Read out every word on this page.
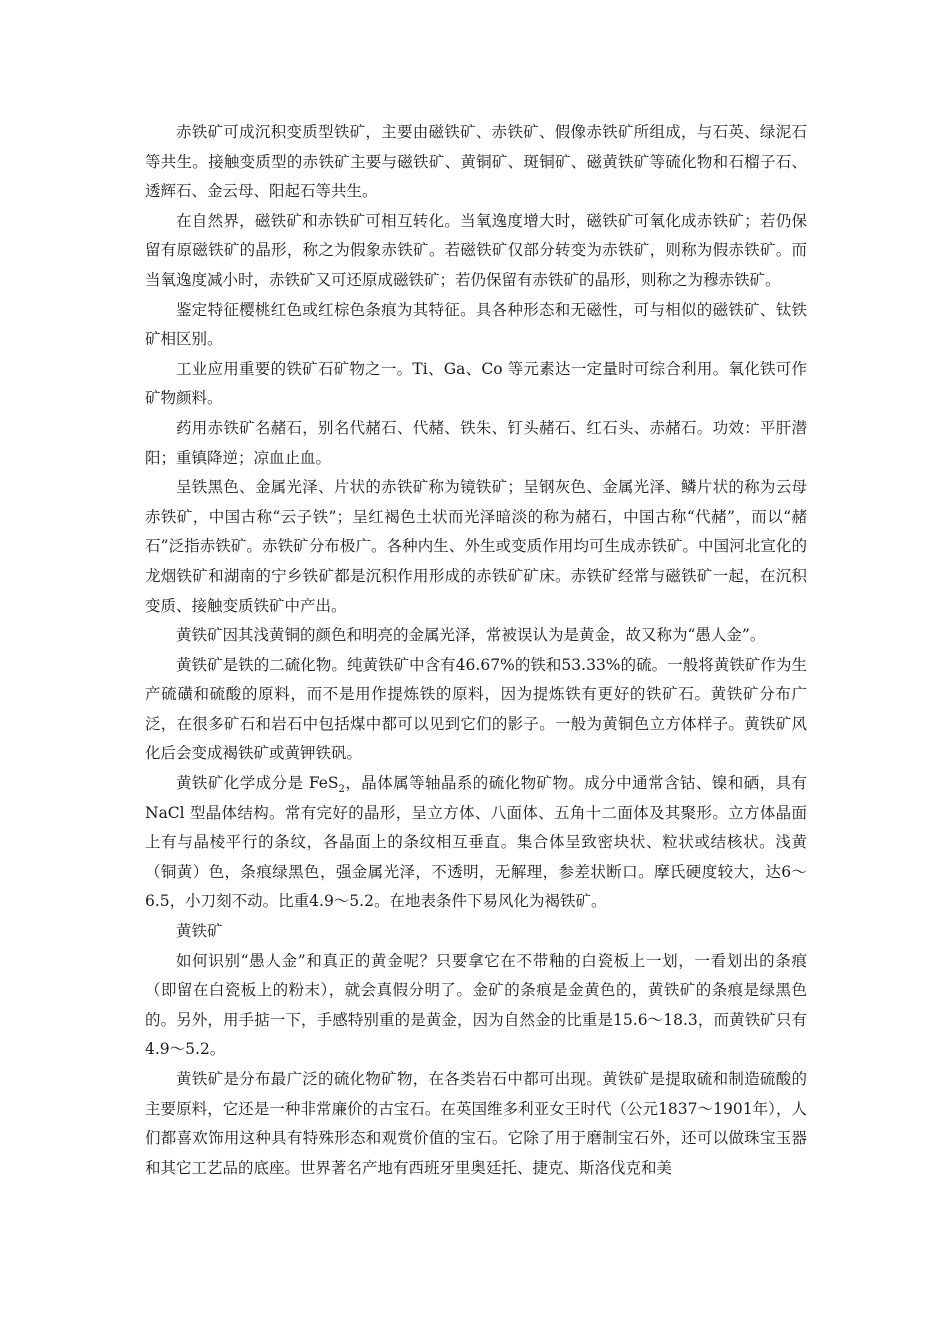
赤铁矿可成沉积变质型铁矿，主要由磁铁矿、赤铁矿、假像赤铁矿所组成，与石英、绿泥石等共生。接触变质型的赤铁矿主要与磁铁矿、黄铜矿、斑铜矿、磁黄铁矿等硫化物和石榴子石、透辉石、金云母、阳起石等共生。

在自然界，磁铁矿和赤铁矿可相互转化。当氧逸度增大时，磁铁矿可氧化成赤铁矿；若仍保留有原磁铁矿的晶形，称之为假象赤铁矿。若磁铁矿仅部分转变为赤铁矿，则称为假赤铁矿。而当氧逸度减小时，赤铁矿又可还原成磁铁矿；若仍保留有赤铁矿的晶形，则称之为穆赤铁矿。

鉴定特征樱桃红色或红棕色条痕为其特征。具各种形态和无磁性，可与相似的磁铁矿、钛铁矿相区别。

工业应用重要的铁矿石矿物之一。Ti、Ga、Co 等元素达一定量时可综合利用。氧化铁可作矿物颜料。

药用赤铁矿名赭石，别名代赭石、代赭、铁朱、钉头赭石、红石头、赤赭石。功效：平肝潜阳；重镇降逆；凉血止血。

呈铁黑色、金属光泽、片状的赤铁矿称为镜铁矿；呈钢灰色、金属光泽、鳞片状的称为云母赤铁矿，中国古称“云子铁”；呈红褐色土状而光泽暗淡的称为赭石，中国古称“代赭”，而以“赭石”泛指赤铁矿。赤铁矿分布极广。各种内生、外生或变质作用均可生成赤铁矿。中国河北宣化的龙烟铁矿和湖南的宁乡铁矿都是沉积作用形成的赤铁矿矿床。赤铁矿经常与磁铁矿一起，在沉积变质、接触变质铁矿中产出。

黄铁矿因其浅黄铜的颜色和明亮的金属光泽，常被误认为是黄金，故又称为“愚人金”。

黄铁矿是铁的二硫化物。纯黄铁矿中含有46.67%的铁和53.33%的硫。一般将黄铁矿作为生产硫磺和硫酸的原料，而不是用作提炼铁的原料，因为提炼铁有更好的铁矿石。黄铁矿分布广泛，在很多矿石和岩石中包括煤中都可以见到它们的影子。一般为黄铜色立方体样子。黄铁矿风化后会变成褐铁矿或黄钾铁矾。

黄铁矿化学成分是 FeS$_2$，晶体属等轴晶系的硫化物矿物。成分中通常含钴、镍和硒，具有 NaCl 型晶体结构。常有完好的晶形，呈立方体、八面体、五角十二面体及其聚形。立方体晶面上有与晶棱平行的条纹，各晶面上的条纹相互垂直。集合体呈致密块状、粒状或结核状。浅黄（铜黄）色，条痕绿黑色，强金属光泽，不透明，无解理，参差状断口。摩氏硬度较大，达6～6.5，小刀刻不动。比重4.9～5.2。在地表条件下易风化为褐铁矿。

黄铁矿

如何识别“愚人金”和真正的黄金呢？只要拿它在不带釉的白瓷板上一划，一看划出的条痕（即留在白瓷板上的粉末），就会真假分明了。金矿的条痕是金黄色的，黄铁矿的条痕是绿黑色的。另外，用手掂一下，手感特别重的是黄金，因为自然金的比重是15.6～18.3，而黄铁矿只有4.9～5.2。

黄铁矿是分布最广泛的硫化物矿物，在各类岩石中都可出现。黄铁矿是提取硫和制造硫酸的主要原料，它还是一种非常廉价的古宝石。在英国维多利亚女王时代（公元1837～1901年），人们都喜欢饰用这种具有特殊形态和观赏价值的宝石。它除了用于磨制宝石外，还可以做珠宝玉器和其它工艺品的底座。世界著名产地有西班牙里奥廷托、捷克、斯洛伐克和美
